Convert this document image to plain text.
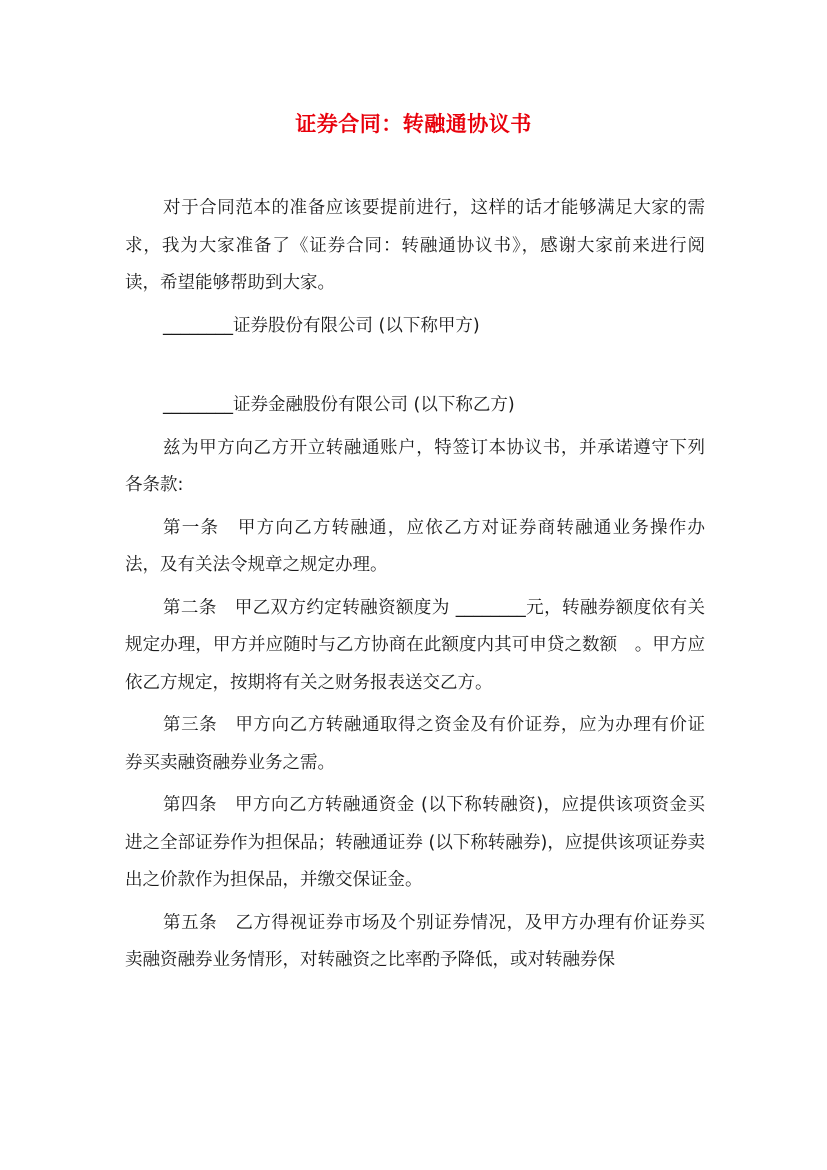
证券合同：转融通协议书

对于合同范本的准备应该要提前进行，这样的话才能够满足大家的需求，我为大家准备了《证券合同：转融通协议书》，感谢大家前来进行阅读，希望能够帮助到大家。

________证券股份有限公司 (以下称甲方)

________证券金融股份有限公司 (以下称乙方)

兹为甲方向乙方开立转融通账户，特签订本协议书，并承诺遵守下列各条款:

第一条　甲方向乙方转融通，应依乙方对证券商转融通业务操作办法，及有关法令规章之规定办理。

第二条　甲乙双方约定转融资额度为 ________元，转融券额度依有关规定办理，甲方并应随时与乙方协商在此额度内其可申贷之数额　。甲方应依乙方规定，按期将有关之财务报表送交乙方。

第三条　甲方向乙方转融通取得之资金及有价证券，应为办理有价证券买卖融资融券业务之需。

第四条　甲方向乙方转融通资金 (以下称转融资)，应提供该项资金买进之全部证券作为担保品；转融通证券 (以下称转融券)，应提供该项证券卖出之价款作为担保品，并缴交保证金。

第五条　乙方得视证券市场及个别证券情况，及甲方办理有价证券买卖融资融券业务情形，对转融资之比率酌予降低，或对转融券保
